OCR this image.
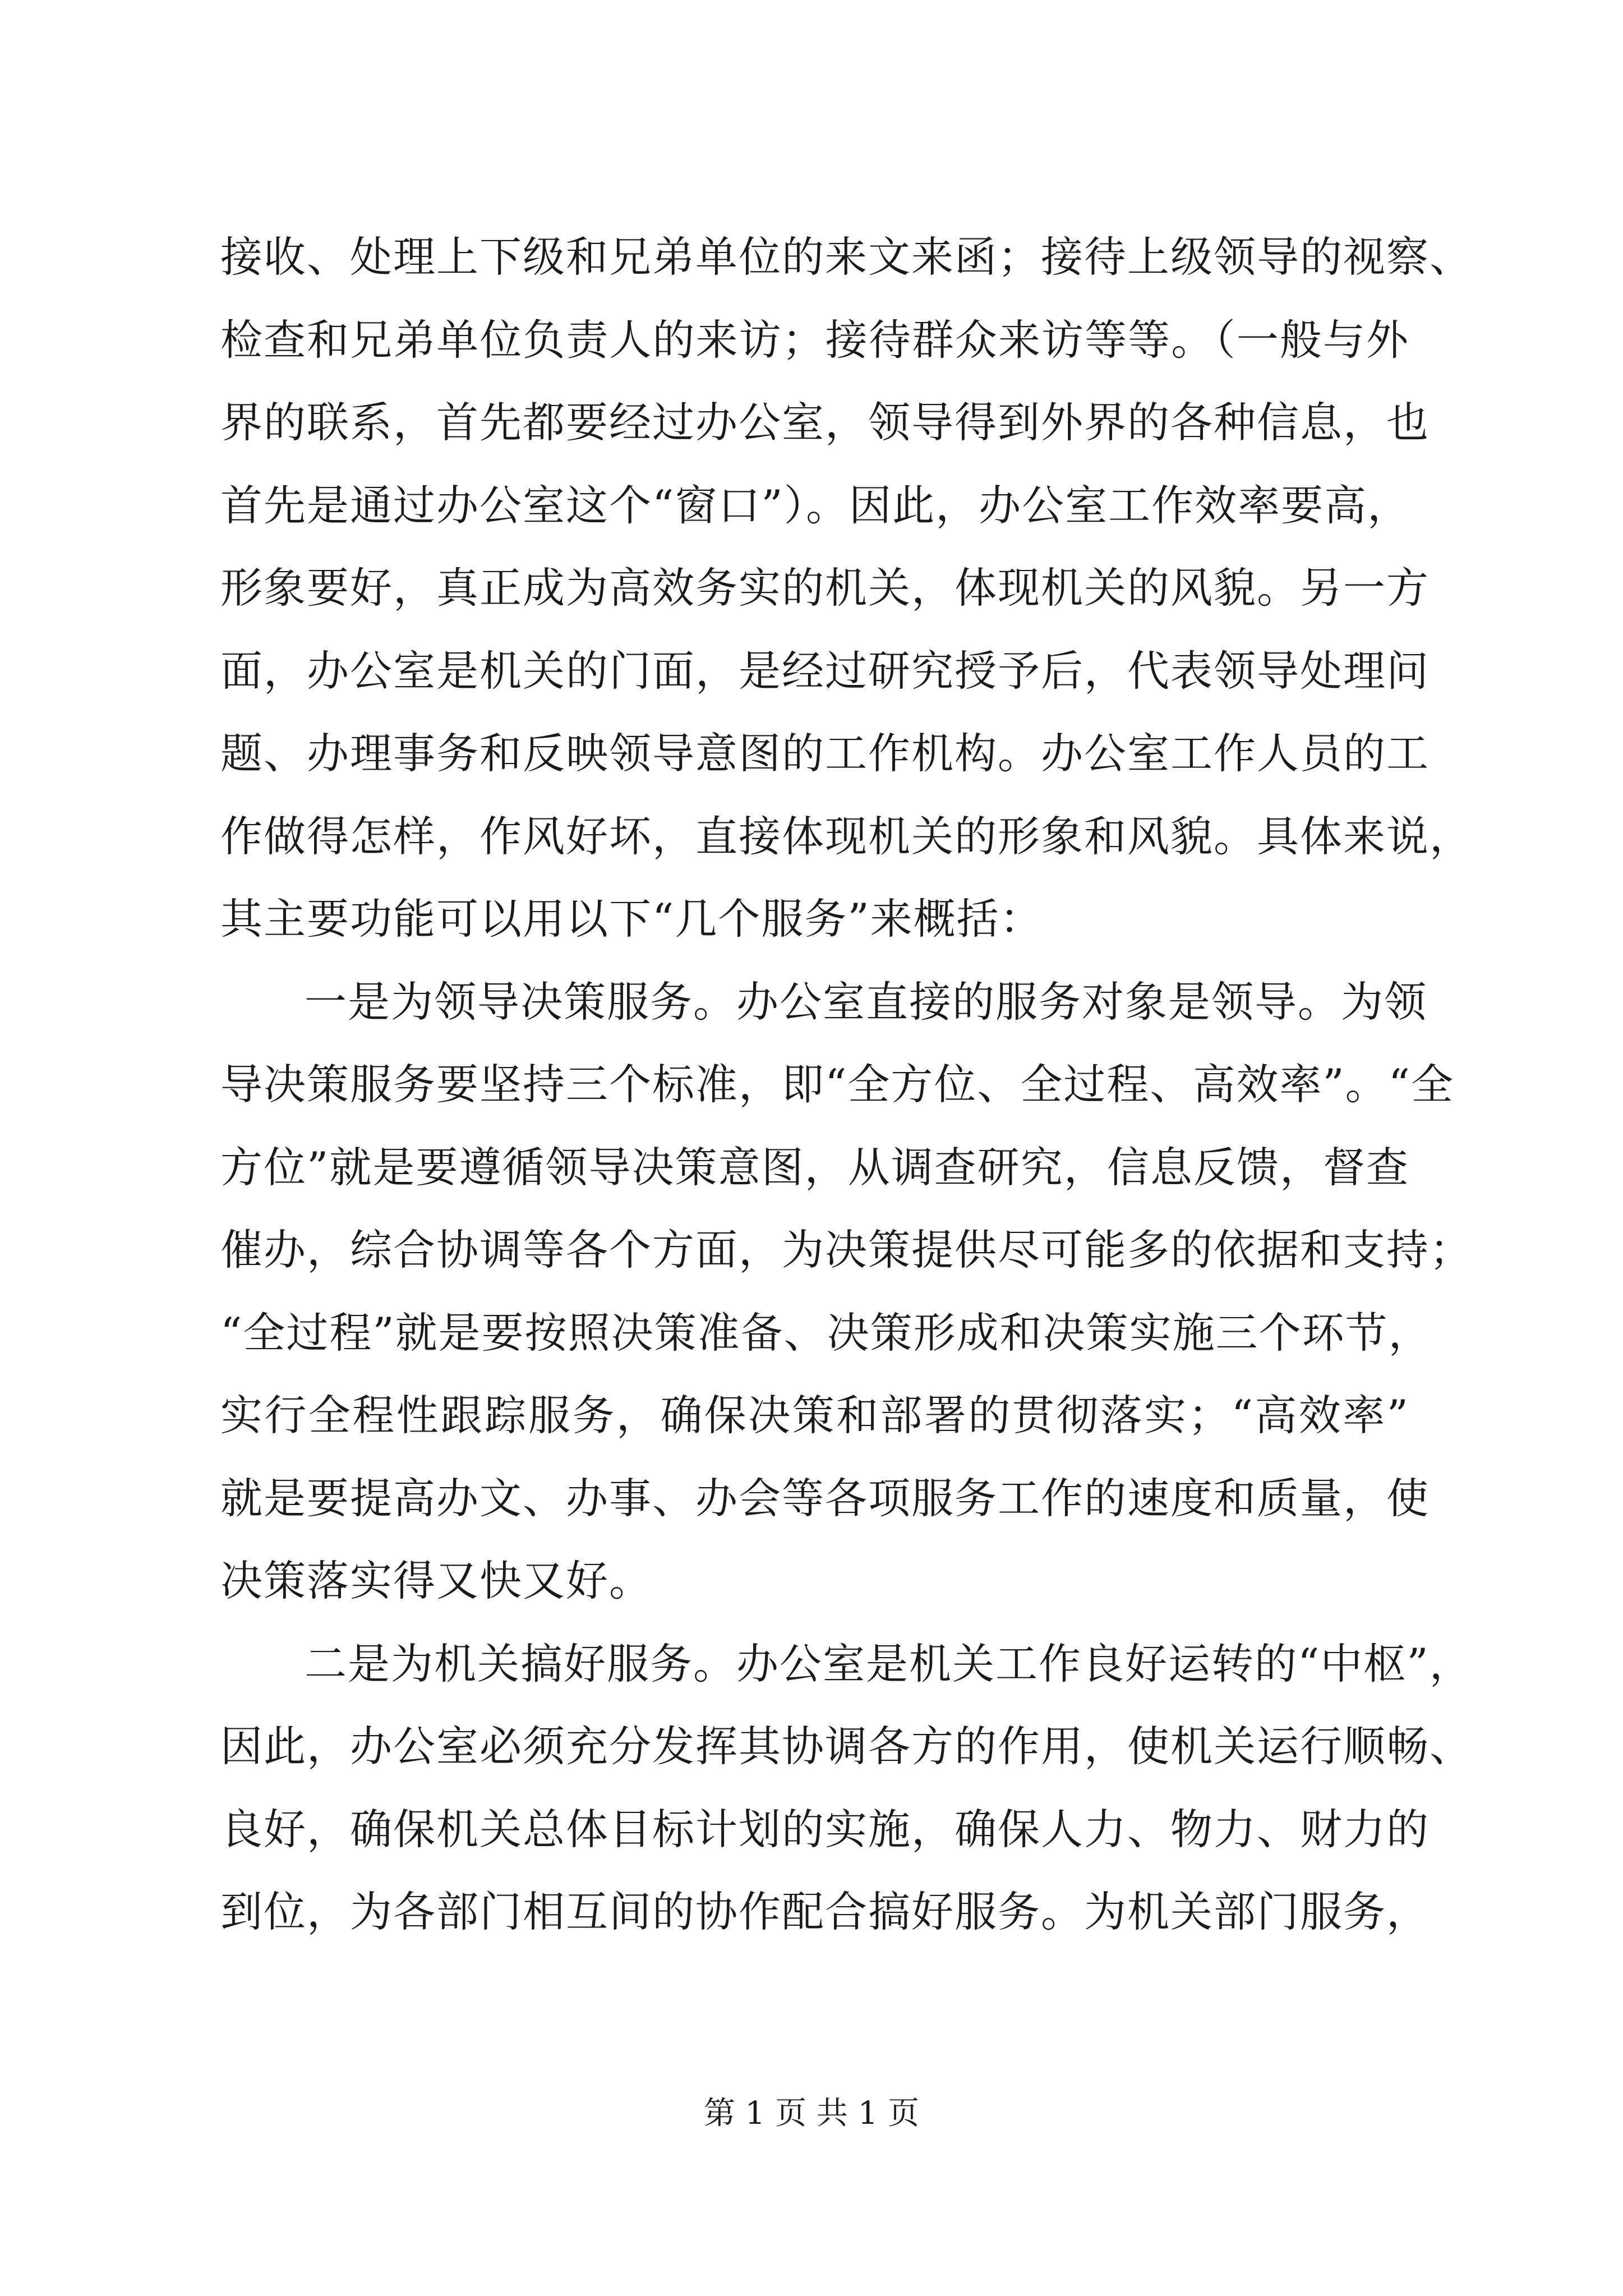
接收、处理上下级和兄弟单位的来文来函；接待上级领导的视察、
检查和兄弟单位负责人的来访；接待群众来访等等。（一般与外
界的联系，首先都要经过办公室，领导得到外界的各种信息，也
首先是通过办公室这个“窗口”）。因此，办公室工作效率要高，
形象要好，真正成为高效务实的机关，体现机关的风貌。另一方
面，办公室是机关的门面，是经过研究授予后，代表领导处理问
题、办理事务和反映领导意图的工作机构。办公室工作人员的工
作做得怎样，作风好坏，直接体现机关的形象和风貌。具体来说，
其主要功能可以用以下“几个服务”来概括：
一是为领导决策服务。办公室直接的服务对象是领导。为领
导决策服务要坚持三个标准，即“全方位、全过程、高效率”。“全
方位”就是要遵循领导决策意图，从调查研究，信息反馈，督查
催办，综合协调等各个方面，为决策提供尽可能多的依据和支持；
“全过程”就是要按照决策准备、决策形成和决策实施三个环节，
实行全程性跟踪服务，确保决策和部署的贯彻落实；“高效率”
就是要提高办文、办事、办会等各项服务工作的速度和质量，使
决策落实得又快又好。
二是为机关搞好服务。办公室是机关工作良好运转的“中枢”，
因此，办公室必须充分发挥其协调各方的作用，使机关运行顺畅、
良好，确保机关总体目标计划的实施，确保人力、物力、财力的
到位，为各部门相互间的协作配合搞好服务。为机关部门服务，
第 1 页 共 1 页
